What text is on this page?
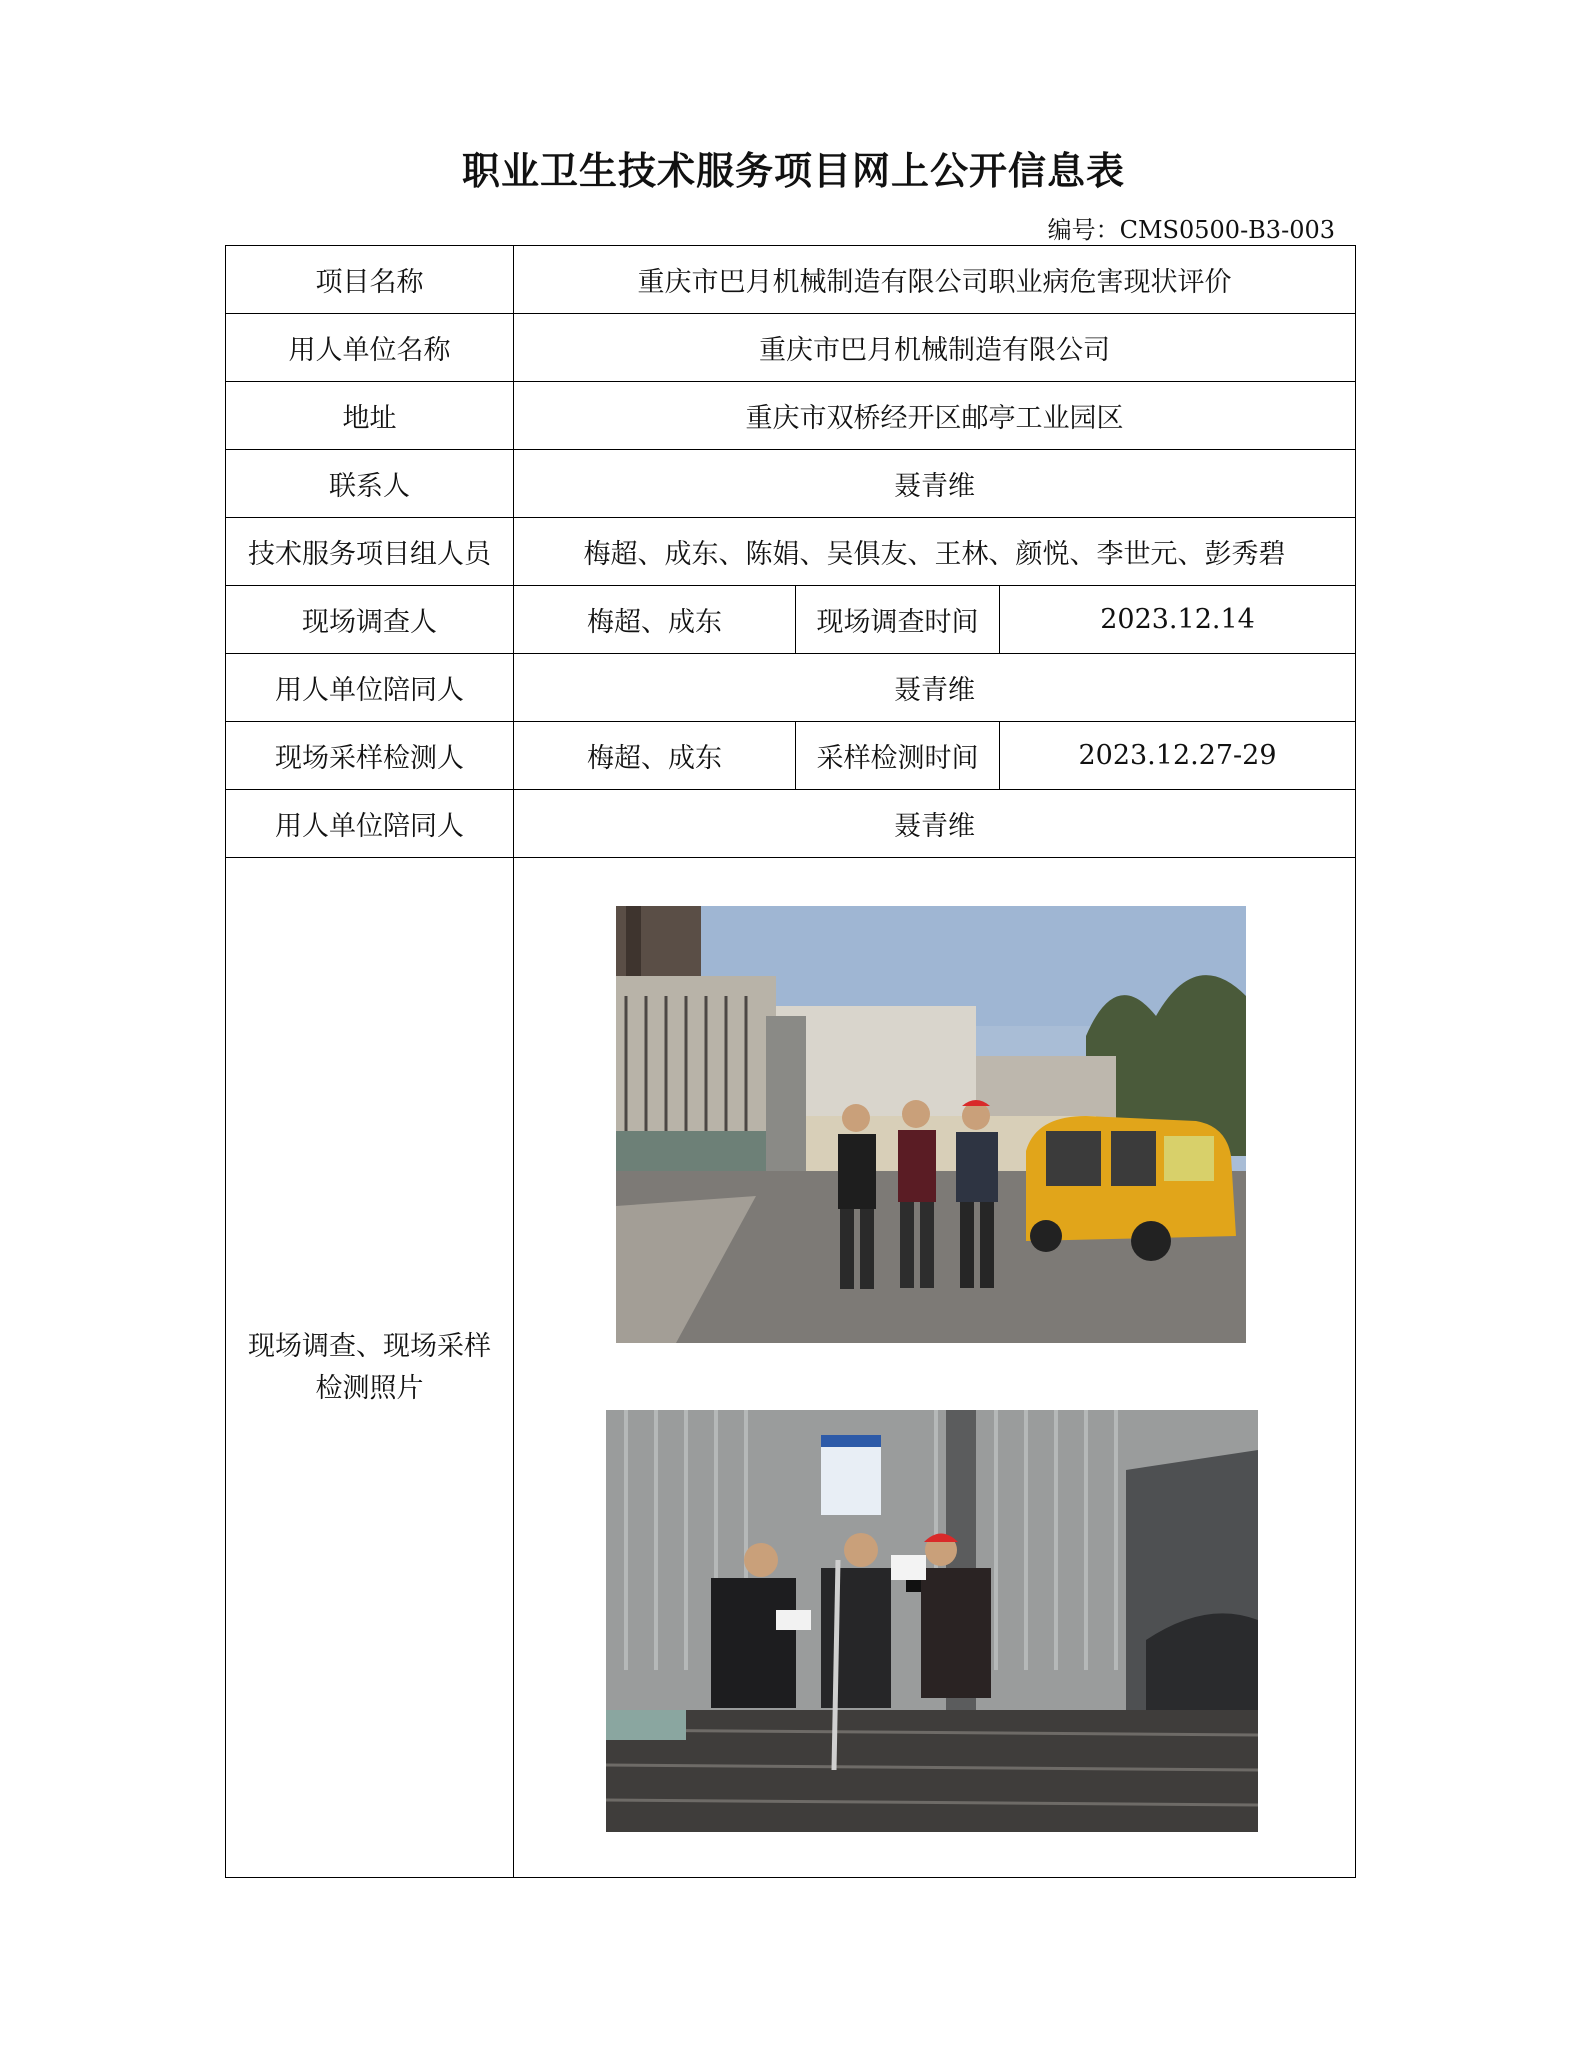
职业卫生技术服务项目网上公开信息表
编号：CMS0500-B3-003
项目名称	重庆市巴月机械制造有限公司职业病危害现状评价		
用人单位名称	重庆市巴月机械制造有限公司		
地址	重庆市双桥经开区邮亭工业园区		
联系人	聂青维		
技术服务项目组人员	梅超、成东、陈娟、吴俱友、王林、颜悦、李世元、彭秀碧		
现场调查人	梅超、成东	现场调查时间	2023.12.14
用人单位陪同人	聂青维		
现场采样检测人	梅超、成东	采样检测时间	2023.12.27-29
用人单位陪同人	聂青维		

现场调查、现场采样
检测照片
